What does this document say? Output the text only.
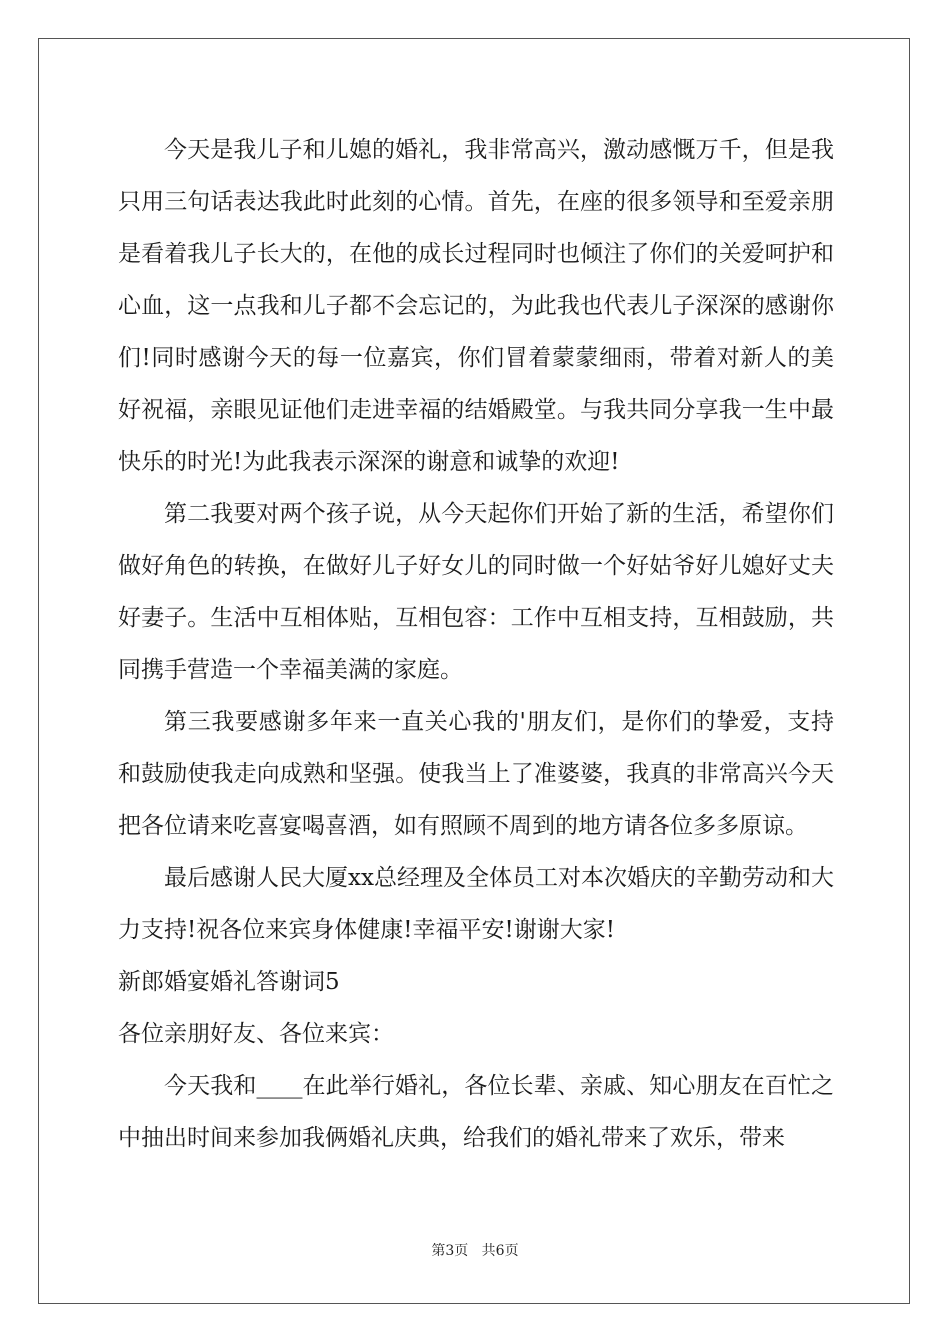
今天是我儿子和儿媳的婚礼，我非常高兴，激动感慨万千，但是我只用三句话表达我此时此刻的心情。首先，在座的很多领导和至爱亲朋是看着我儿子长大的，在他的成长过程同时也倾注了你们的关爱呵护和心血，这一点我和儿子都不会忘记的，为此我也代表儿子深深的感谢你们!同时感谢今天的每一位嘉宾，你们冒着蒙蒙细雨，带着对新人的美好祝福，亲眼见证他们走进幸福的结婚殿堂。与我共同分享我一生中最快乐的时光!为此我表示深深的谢意和诚挚的欢迎!

第二我要对两个孩子说，从今天起你们开始了新的生活，希望你们做好角色的转换，在做好儿子好女儿的同时做一个好姑爷好儿媳好丈夫好妻子。生活中互相体贴，互相包容：工作中互相支持，互相鼓励，共同携手营造一个幸福美满的家庭。

第三我要感谢多年来一直关心我的'朋友们，是你们的挚爱，支持和鼓励使我走向成熟和坚强。使我当上了准婆婆，我真的非常高兴今天把各位请来吃喜宴喝喜酒，如有照顾不周到的地方请各位多多原谅。

最后感谢人民大厦xx总经理及全体员工对本次婚庆的辛勤劳动和大力支持!祝各位来宾身体健康!幸福平安!谢谢大家!

新郎婚宴婚礼答谢词5

各位亲朋好友、各位来宾：

今天我和____在此举行婚礼，各位长辈、亲戚、知心朋友在百忙之中抽出时间来参加我俩婚礼庆典，给我们的婚礼带来了欢乐，带来

第3页 共6页
